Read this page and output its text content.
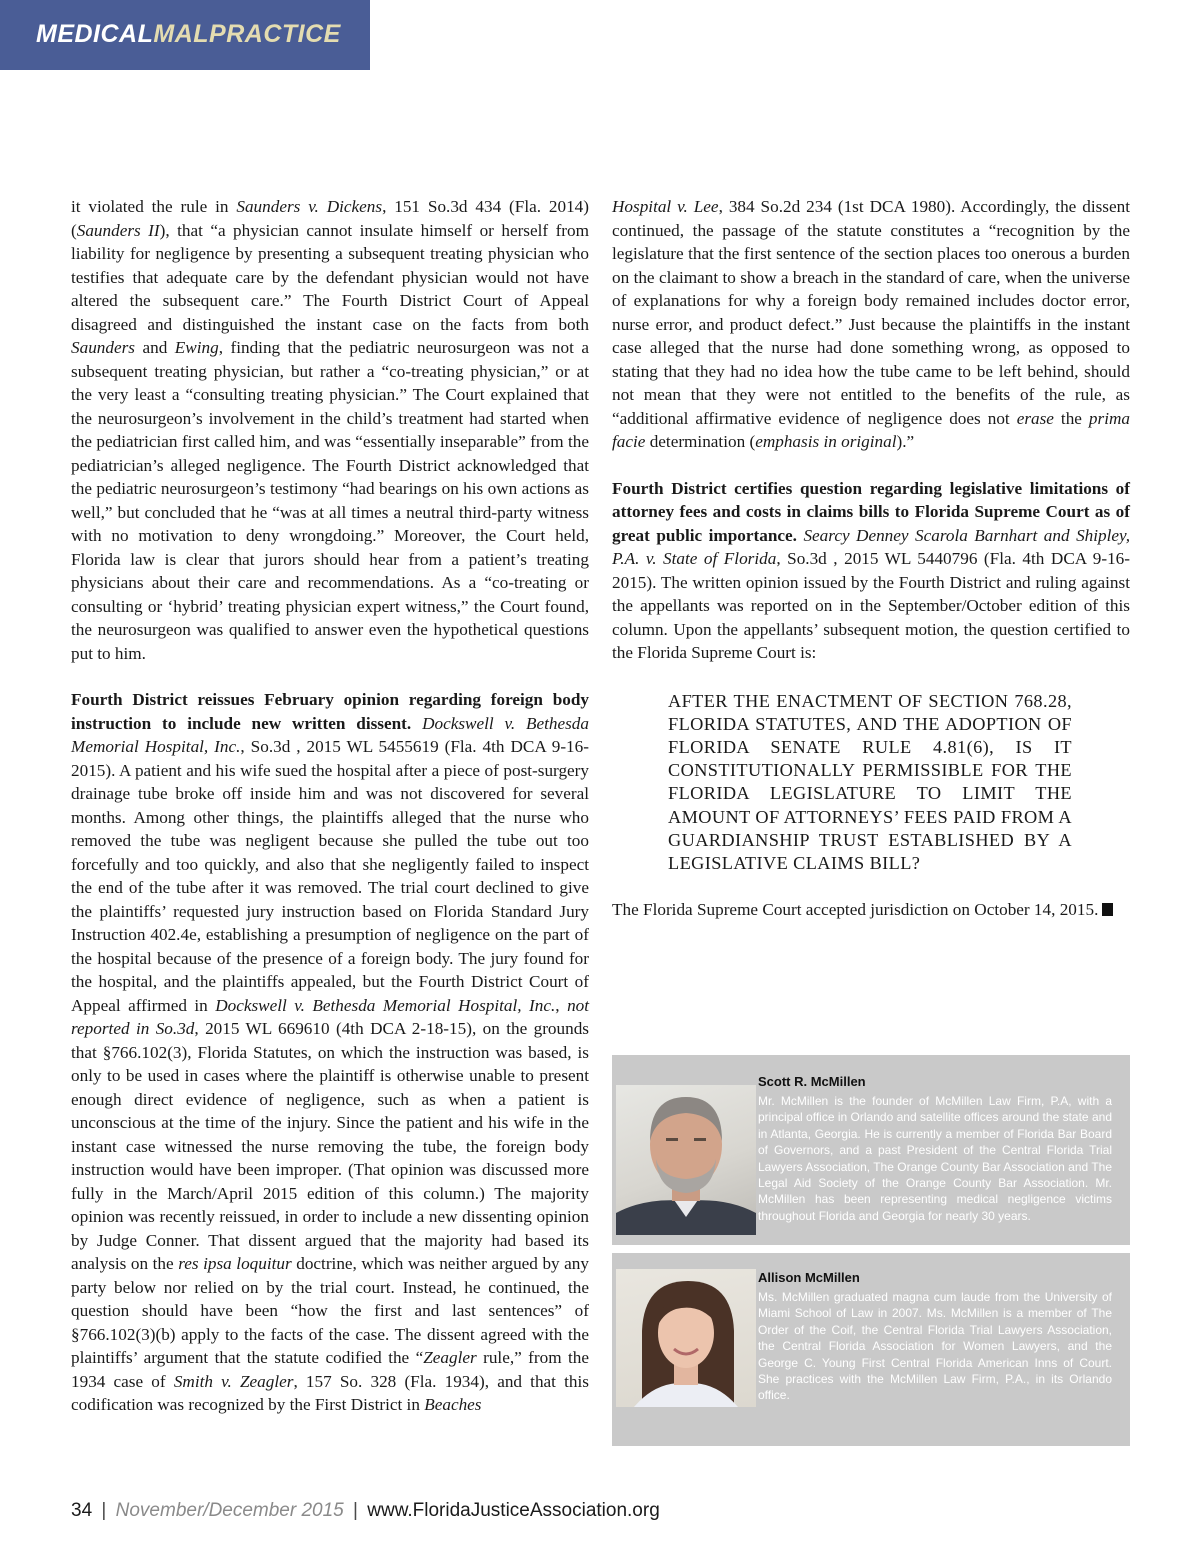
MEDICALMALPRACTICE

it violated the rule in Saunders v. Dickens, 151 So.3d 434 (Fla. 2014) (Saunders II), that “a physician cannot insulate himself or herself from liability for negligence by presenting a subsequent treating physician who testifies that adequate care by the defendant physician would not have altered the subsequent care.” The Fourth District Court of Appeal disagreed and distinguished the instant case on the facts from both Saunders and Ewing, finding that the pediatric neurosurgeon was not a subsequent treating physician, but rather a “co-treating physician,” or at the very least a “consulting treating physician.” The Court explained that the neurosurgeon’s involvement in the child’s treatment had started when the pediatrician first called him, and was “essentially inseparable” from the pediatrician’s alleged negligence. The Fourth District acknowledged that the pediatric neurosurgeon’s testimony “had bearings on his own actions as well,” but concluded that he “was at all times a neutral third-party witness with no motivation to deny wrongdoing.” Moreover, the Court held, Florida law is clear that jurors should hear from a patient’s treating physicians about their care and recommendations. As a “co-treating or consulting or ‘hybrid’ treating physician expert witness,” the Court found, the neurosurgeon was qualified to answer even the hypothetical questions put to him.

Fourth District reissues February opinion regarding foreign body instruction to include new written dissent. Dockswell v. Bethesda Memorial Hospital, Inc., So.3d , 2015 WL 5455619 (Fla. 4th DCA 9-16-2015). A patient and his wife sued the hospital after a piece of post-surgery drainage tube broke off inside him and was not discovered for several months. Among other things, the plaintiffs alleged that the nurse who removed the tube was negligent because she pulled the tube out too forcefully and too quickly, and also that she negligently failed to inspect the end of the tube after it was removed. The trial court declined to give the plaintiffs’ requested jury instruction based on Florida Standard Jury Instruction 402.4e, establishing a presumption of negligence on the part of the hospital because of the presence of a foreign body. The jury found for the hospital, and the plaintiffs appealed, but the Fourth District Court of Appeal affirmed in Dockswell v. Bethesda Memorial Hospital, Inc., not reported in So.3d, 2015 WL 669610 (4th DCA 2-18-15), on the grounds that §766.102(3), Florida Statutes, on which the instruction was based, is only to be used in cases where the plaintiff is otherwise unable to present enough direct evidence of negligence, such as when a patient is unconscious at the time of the injury. Since the patient and his wife in the instant case witnessed the nurse removing the tube, the foreign body instruction would have been improper. (That opinion was discussed more fully in the March/April 2015 edition of this column.) The majority opinion was recently reissued, in order to include a new dissenting opinion by Judge Conner. That dissent argued that the majority had based its analysis on the res ipsa loquitur doctrine, which was neither argued by any party below nor relied on by the trial court. Instead, he continued, the question should have been “how the first and last sentences” of §766.102(3)(b) apply to the facts of the case. The dissent agreed with the plaintiffs’ argument that the statute codified the “Zeagler rule,” from the 1934 case of Smith v. Zeagler, 157 So. 328 (Fla. 1934), and that this codification was recognized by the First District in Beaches

Hospital v. Lee, 384 So.2d 234 (1st DCA 1980). Accordingly, the dissent continued, the passage of the statute constitutes a “recognition by the legislature that the first sentence of the section places too onerous a burden on the claimant to show a breach in the standard of care, when the universe of explanations for why a foreign body remained includes doctor error, nurse error, and product defect.” Just because the plaintiffs in the instant case alleged that the nurse had done something wrong, as opposed to stating that they had no idea how the tube came to be left behind, should not mean that they were not entitled to the benefits of the rule, as “additional affirmative evidence of negligence does not erase the prima facie determination (emphasis in original).”

Fourth District certifies question regarding legislative limitations of attorney fees and costs in claims bills to Florida Supreme Court as of great public importance. Searcy Denney Scarola Barnhart and Shipley, P.A. v. State of Florida, So.3d , 2015 WL 5440796 (Fla. 4th DCA 9-16-2015). The written opinion issued by the Fourth District and ruling against the appellants was reported on in the September/October edition of this column. Upon the appellants’ subsequent motion, the question certified to the Florida Supreme Court is:

AFTER THE ENACTMENT OF SECTION 768.28, FLORIDA STATUTES, AND THE ADOPTION OF FLORIDA SENATE RULE 4.81(6), IS IT CONSTITUTIONALLY PERMISSIBLE FOR THE FLORIDA LEGISLATURE TO LIMIT THE AMOUNT OF ATTORNEYS’ FEES PAID FROM A GUARDIANSHIP TRUST ESTABLISHED BY A LEGISLATIVE CLAIMS BILL?

The Florida Supreme Court accepted jurisdiction on October 14, 2015.

Scott R. McMillen
Mr. McMillen is the founder of McMillen Law Firm, P.A, with a principal office in Orlando and satellite offices around the state and in Atlanta, Georgia. He is currently a member of Florida Bar Board of Governors, and a past President of the Central Florida Trial Lawyers Association, The Orange County Bar Association and The Legal Aid Society of the Orange County Bar Association. Mr. McMillen has been representing medical negligence victims throughout Florida and Georgia for nearly 30 years.
Allison McMillen
Ms. McMillen graduated magna cum laude from the University of Miami School of Law in 2007. Ms. McMillen is a member of The Order of the Coif, the Central Florida Trial Lawyers Association, the Central Florida Association for Women Lawyers, and the George C. Young First Central Florida American Inns of Court. She practices with the McMillen Law Firm, P.A., in its Orlando office.
34 | November/December 2015 | www.FloridaJusticeAssociation.org
